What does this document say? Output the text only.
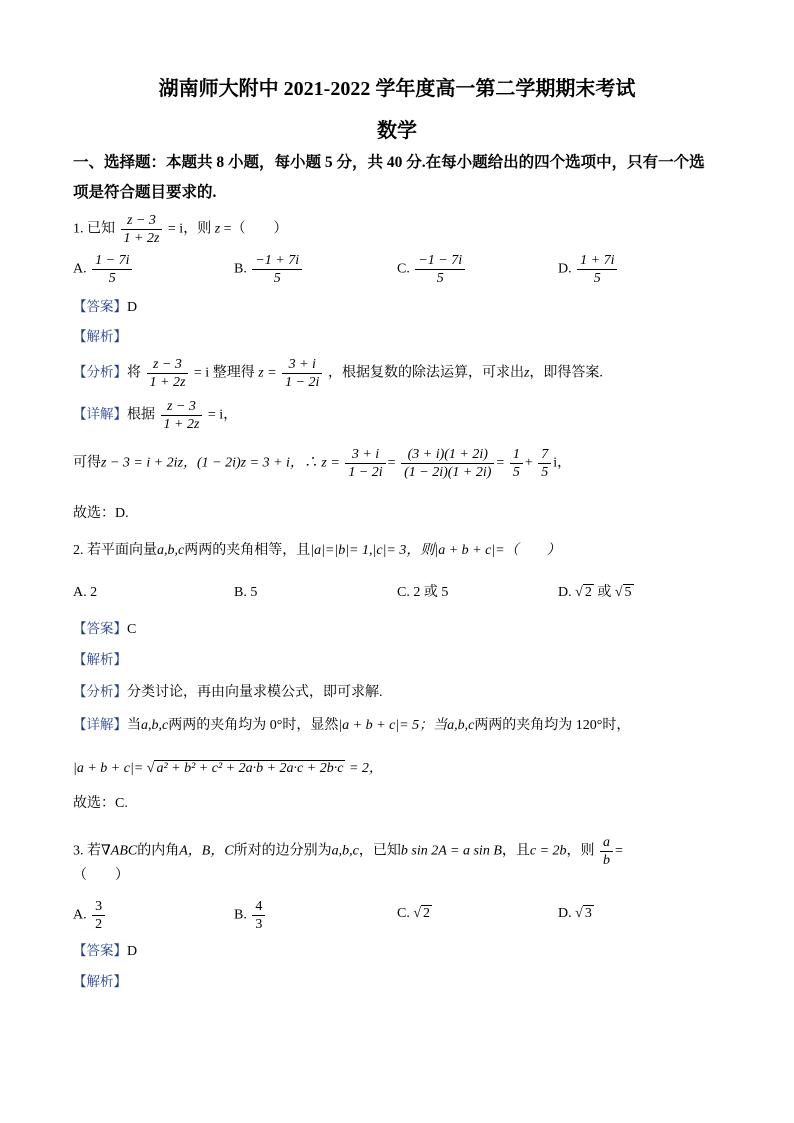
湖南师大附中 2021-2022 学年度高一第二学期期末考试
数学
一、选择题：本题共 8 小题，每小题 5 分，共 40 分.在每小题给出的四个选项中，只有一个选
项是符合题目要求的.
1. 已知 $\frac{z - 3}{1 + 2z} = i$，则 z =（　　）
A. $\frac{1 - 7i}{5}$	B. $\frac{-1 + 7i}{5}$	C. $\frac{-1 - 7i}{5}$	D. $\frac{1 + 7i}{5}$
【答案】D
【解析】
【分析】将 $\frac{z - 3}{1 + 2z} = i$ 整理得 $z = \frac{3 + i}{1 - 2i}$ ，根据复数的除法运算，可求出z，即得答案.
【详解】根据 $\frac{z - 3}{1 + 2z} = i$，
可得z − 3 = i + 2iz，(1 − 2i)z = 3 + i，∴ $z = \frac{3 + i}{1 - 2i} = \frac{(3 + i)(1 + 2i)}{(1 - 2i)(1 + 2i)} = \frac{1}{5} + \frac{7}{5}$ i，
故选：D.
2. 若平面向量a,b,c两两的夹角相等，且|a|=|b|= 1,|c|= 3，则|a + b + c|=（　　）
A. 2	B. 5	C. 2 或 5	D. √ 2 或 √ 5
【答案】C
【解析】
【分析】分类讨论，再由向量求模公式，即可求解.
【详解】当a,b,c两两的夹角均为 0°时，显然|a + b + c|= 5；当a,b,c两两的夹角均为 120°时，
|a + b + c|= √ a² + b² + c² + 2a·b + 2a·c + 2b·c = 2，
故选：C.
3. 若∇ABC的内角A，B，C所对的边分别为a,b,c，已知b sin 2A = a sin B，且c = 2b，则 $\frac{a}{b}$ =
（　　）
A. $\frac{3}{2}$	B. $\frac{4}{3}$	C. √ 2	D. √ 3
【答案】D
【解析】
